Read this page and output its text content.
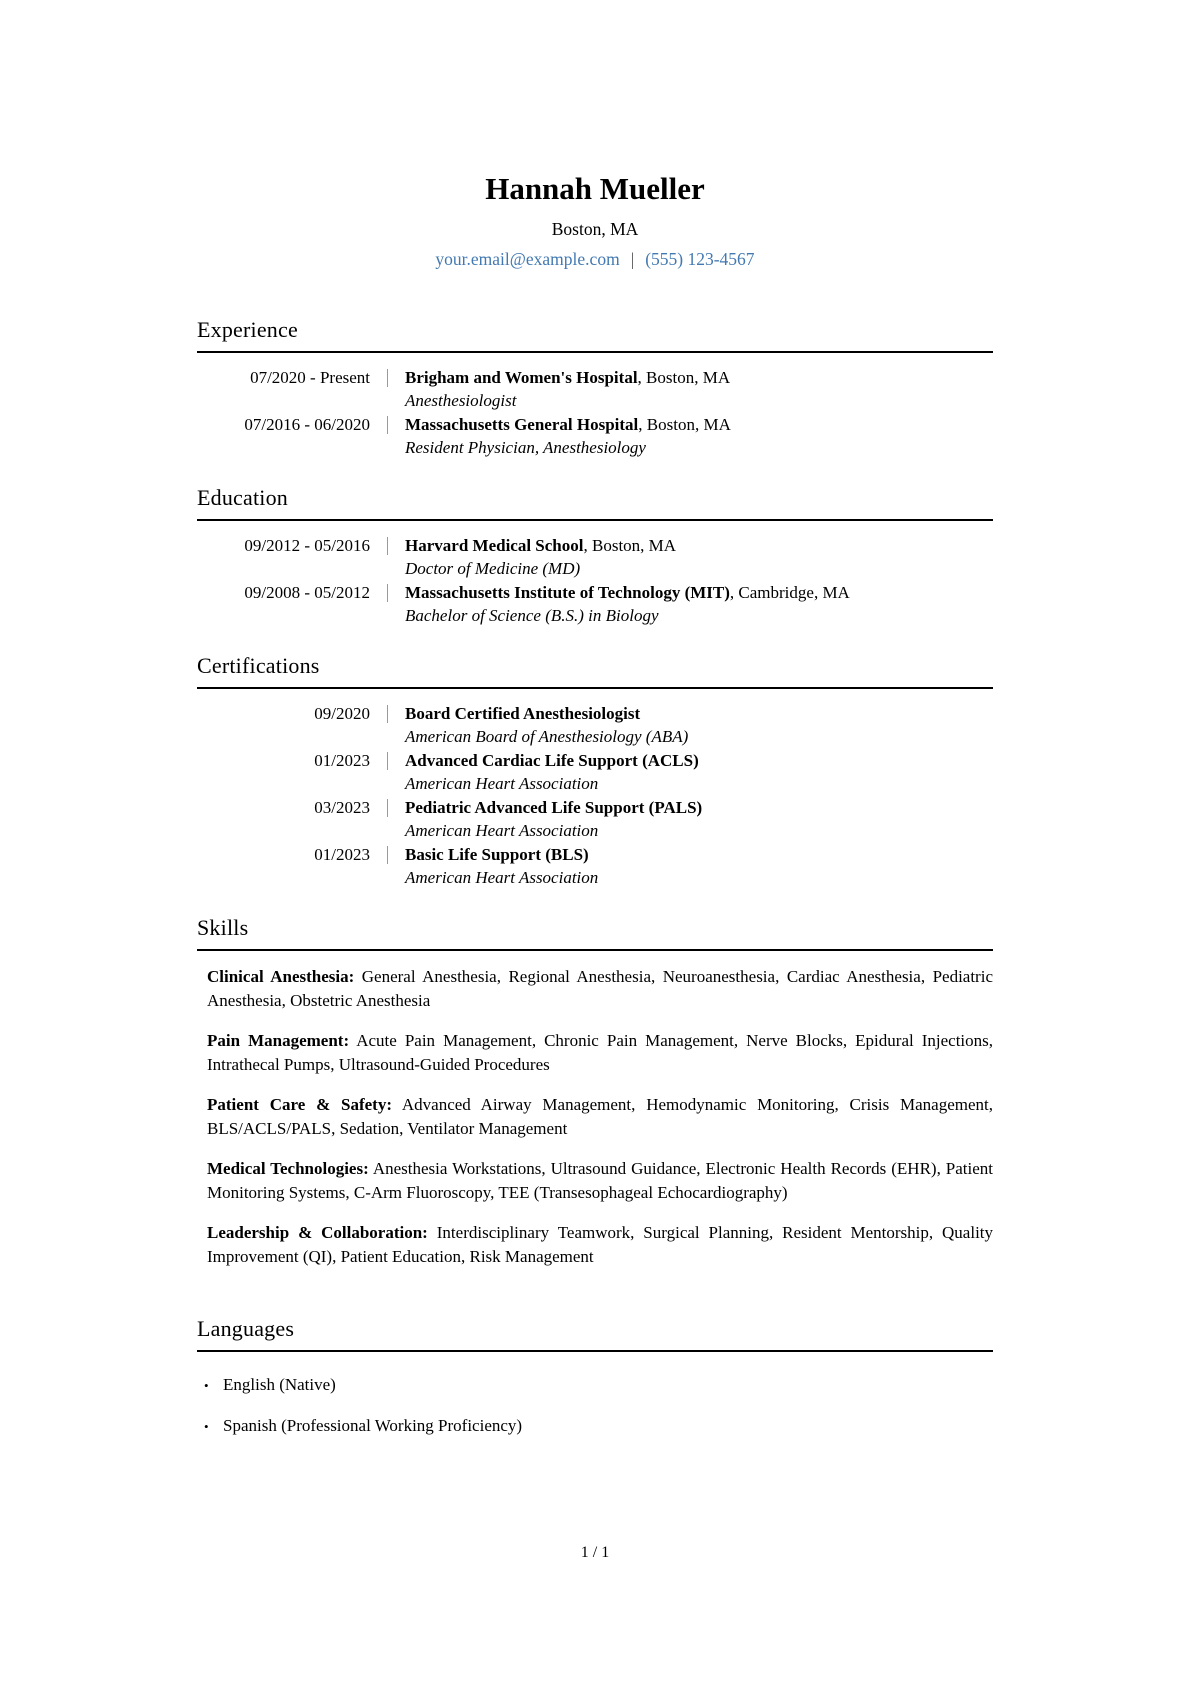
Hannah Mueller
Boston, MA
your.email@example.com | (555) 123-4567
Experience
07/2020 - Present Brigham and Women's Hospital, Boston, MA
Anesthesiologist
07/2016 - 06/2020 Massachusetts General Hospital, Boston, MA
Resident Physician, Anesthesiology
Education
09/2012 - 05/2016 Harvard Medical School, Boston, MA
Doctor of Medicine (MD)
09/2008 - 05/2012 Massachusetts Institute of Technology (MIT), Cambridge, MA
Bachelor of Science (B.S.) in Biology
Certifications
09/2020 Board Certified Anesthesiologist
American Board of Anesthesiology (ABA)
01/2023 Advanced Cardiac Life Support (ACLS)
American Heart Association
03/2023 Pediatric Advanced Life Support (PALS)
American Heart Association
01/2023 Basic Life Support (BLS)
American Heart Association
Skills

Clinical Anesthesia: General Anesthesia, Regional Anesthesia, Neuroanesthesia, Cardiac Anesthesia, Pediatric Anesthesia, Obstetric Anesthesia

Pain Management: Acute Pain Management, Chronic Pain Management, Nerve Blocks, Epidural Injections, Intrathecal Pumps, Ultrasound-Guided Procedures

Patient Care & Safety: Advanced Airway Management, Hemodynamic Monitoring, Crisis Management, BLS/ACLS/PALS, Sedation, Ventilator Management

Medical Technologies: Anesthesia Workstations, Ultrasound Guidance, Electronic Health Records (EHR), Patient Monitoring Systems, C-Arm Fluoroscopy, TEE (Transesophageal Echocardiography)

Leadership & Collaboration: Interdisciplinary Teamwork, Surgical Planning, Resident Mentorship, Quality Improvement (QI), Patient Education, Risk Management

Languages
• English (Native)
• Spanish (Professional Working Proficiency)
1 / 1
